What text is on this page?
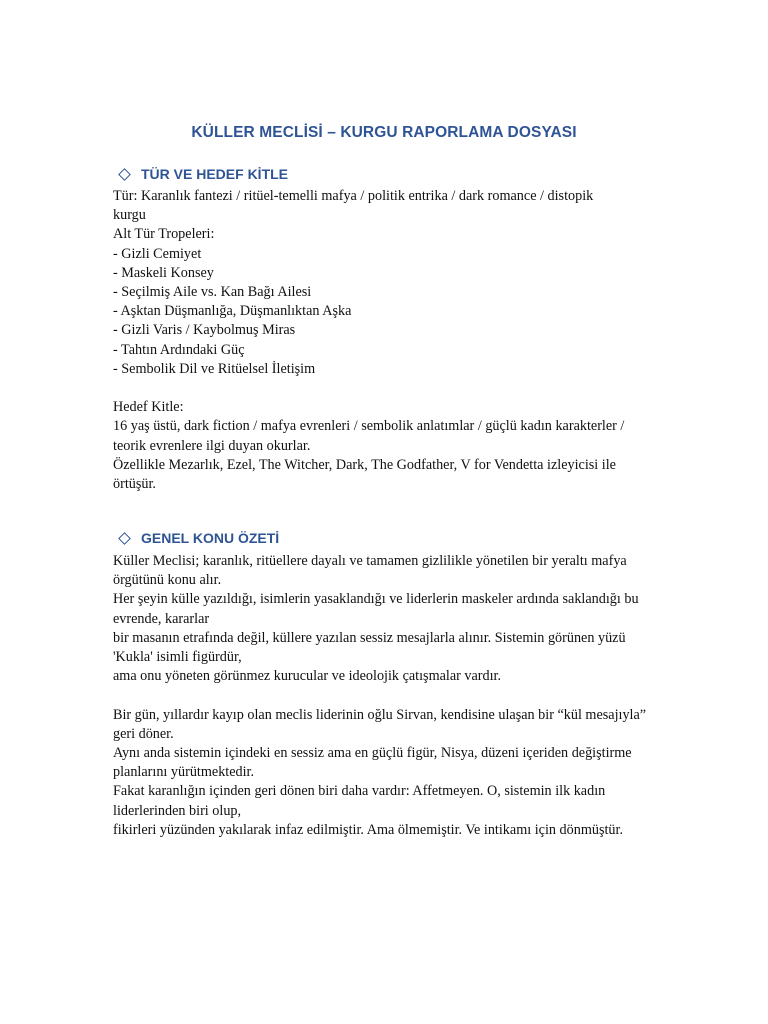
KÜLLER MECLİSİ – KURGU RAPORLAMA DOSYASI
TÜR VE HEDEF KİTLE
Tür: Karanlık fantezi / ritüel-temelli mafya / politik entrika / dark romance / distopik
kurgu
Alt Tür Tropeleri:
- Gizli Cemiyet
- Maskeli Konsey
- Seçilmiş Aile vs. Kan Bağı Ailesi
- Aşktan Düşmanlığa, Düşmanlıktan Aşka
- Gizli Varis / Kaybolmuş Miras
- Tahtın Ardındaki Güç
- Sembolik Dil ve Ritüelsel İletişim

Hedef Kitle:
16 yaş üstü, dark fiction / mafya evrenleri / sembolik anlatımlar / güçlü kadın karakterler /
teorik evrenlere ilgi duyan okurlar.
Özellikle Mezarlık, Ezel, The Witcher, Dark, The Godfather, V for Vendetta izleyicisi ile
örtüşür.
GENEL KONU ÖZETİ
Küller Meclisi; karanlık, ritüellere dayalı ve tamamen gizlilikle yönetilen bir yeraltı mafya
örgütünü konu alır.
Her şeyin külle yazıldığı, isimlerin yasaklandığı ve liderlerin maskeler ardında saklandığı bu
evrende, kararlar
bir masanın etrafında değil, küllere yazılan sessiz mesajlarla alınır. Sistemin görünen yüzü
'Kukla' isimli figürdür,
ama onu yöneten görünmez kurucular ve ideolojik çatışmalar vardır.

Bir gün, yıllardır kayıp olan meclis liderinin oğlu Sirvan, kendisine ulaşan bir “kül mesajıyla”
geri döner.
Aynı anda sistemin içindeki en sessiz ama en güçlü figür, Nisya, düzeni içeriden değiştirme
planlarını yürütmektedir.
Fakat karanlığın içinden geri dönen biri daha vardır: Affetmeyen. O, sistemin ilk kadın
liderlerinden biri olup,
fikirleri yüzünden yakılarak infaz edilmiştir. Ama ölmemiştir. Ve intikamı için dönmüştür.
